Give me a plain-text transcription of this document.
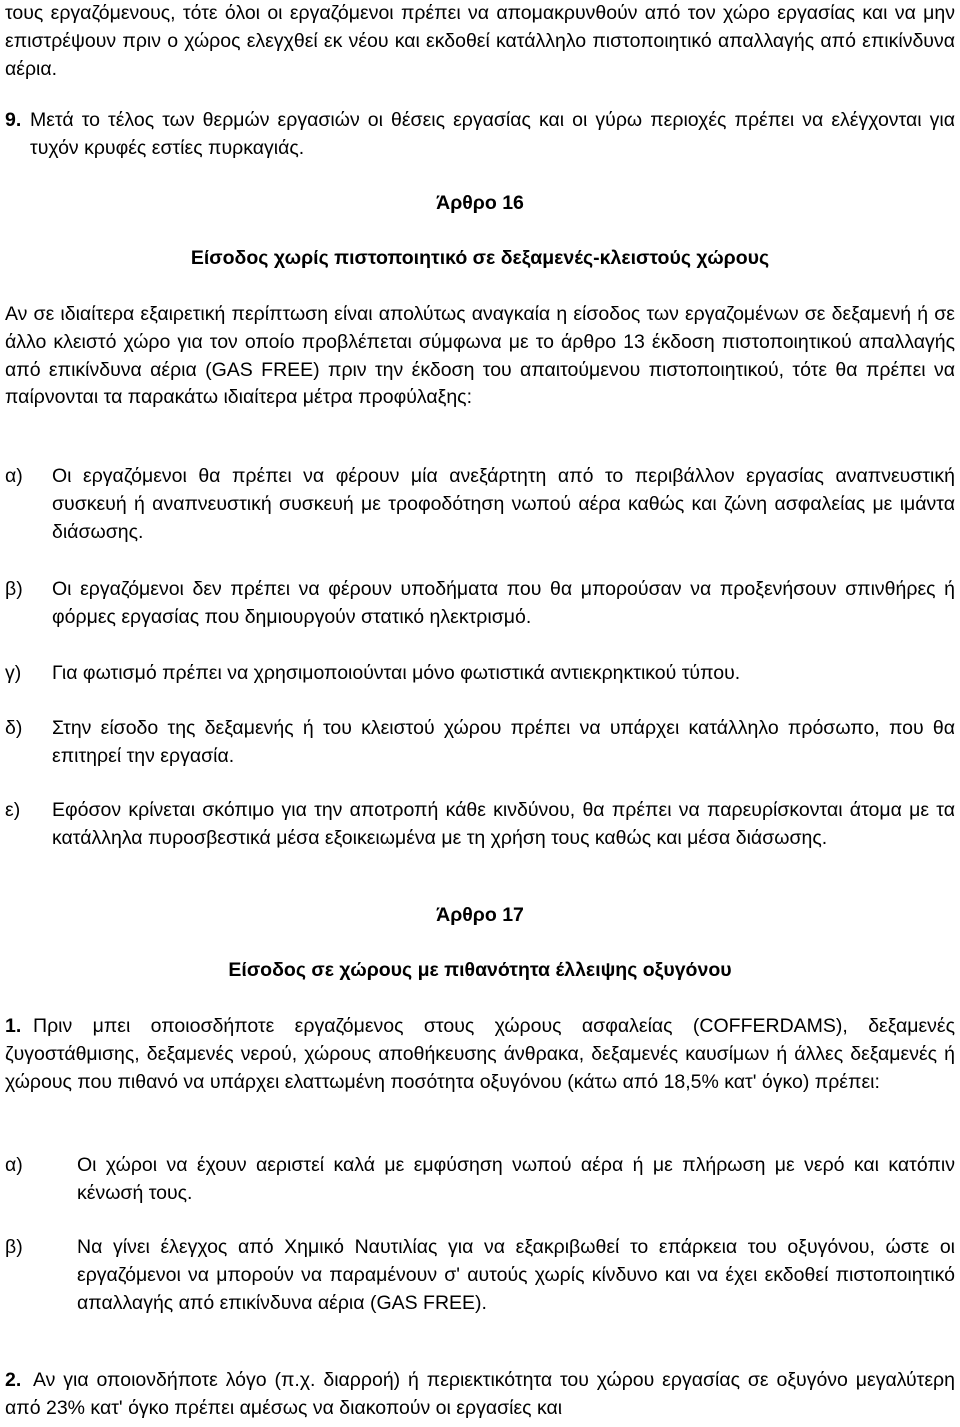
τους εργαζόμενους, τότε όλοι οι εργαζόμενοι πρέπει να απομακρυνθούν από τον χώρο εργασίας και να μην επιστρέψουν πριν ο χώρος ελεγχθεί εκ νέου και εκδοθεί κατάλληλο πιστοποιητικό απαλλαγής από επικίνδυνα αέρια.
9. Μετά το τέλος των θερμών εργασιών οι θέσεις εργασίας και οι γύρω περιοχές πρέπει να ελέγχονται για τυχόν κρυφές εστίες πυρκαγιάς.
Άρθρο 16
Είσοδος χωρίς πιστοποιητικό σε δεξαμενές-κλειστούς χώρους
Αν σε ιδιαίτερα εξαιρετική περίπτωση είναι απολύτως αναγκαία η είσοδος των εργαζομένων σε δεξαμενή ή σε άλλο κλειστό χώρο για τον οποίο προβλέπεται σύμφωνα με το άρθρο 13 έκδοση πιστοποιητικού απαλλαγής από επικίνδυνα αέρια (GAS FREE) πριν την έκδοση του απαιτούμενου πιστοποιητικού, τότε θα πρέπει να παίρνονται τα παρακάτω ιδιαίτερα μέτρα προφύλαξης:
α)	Οι εργαζόμενοι θα πρέπει να φέρουν μία ανεξάρτητη από το περιβάλλον εργασίας αναπνευστική συσκευή ή αναπνευστική συσκευή με τροφοδότηση νωπού αέρα καθώς και ζώνη ασφαλείας με ιμάντα διάσωσης.
β)	Οι εργαζόμενοι δεν πρέπει να φέρουν υποδήματα που θα μπορούσαν να προξενήσουν σπινθήρες ή φόρμες εργασίας που δημιουργούν στατικό ηλεκτρισμό.
γ)	Για φωτισμό πρέπει να χρησιμοποιούνται μόνο φωτιστικά αντιεκρηκτικού τύπου.
δ)	Στην είσοδο της δεξαμενής ή του κλειστού χώρου πρέπει να υπάρχει κατάλληλο πρόσωπο, που θα επιτηρεί την εργασία.
ε)	Εφόσον κρίνεται σκόπιμο για την αποτροπή κάθε κινδύνου, θα πρέπει να παρευρίσκονται άτομα με τα κατάλληλα πυροσβεστικά μέσα εξοικειωμένα με τη χρήση τους καθώς και μέσα διάσωσης.
Άρθρο 17
Είσοδος σε χώρους με πιθανότητα έλλειψης οξυγόνου
1. Πριν μπει οποιοσδήποτε εργαζόμενος στους χώρους ασφαλείας (COFFERDAMS), δεξαμενές ζυγοστάθμισης, δεξαμενές νερού, χώρους αποθήκευσης άνθρακα, δεξαμενές καυσίμων ή άλλες δεξαμενές ή χώρους που πιθανό να υπάρχει ελαττωμένη ποσότητα οξυγόνου (κάτω από 18,5% κατ' όγκο) πρέπει:
α)	Οι χώροι να έχουν αεριστεί καλά με εμφύσηση νωπού αέρα ή με πλήρωση με νερό και κατόπιν κένωσή τους.
β)	Να γίνει έλεγχος από Χημικό Ναυτιλίας για να εξακριβωθεί το επάρκεια του οξυγόνου, ώστε οι εργαζόμενοι να μπορούν να παραμένουν σ' αυτούς χωρίς κίνδυνο και να έχει εκδοθεί πιστοποιητικό απαλλαγής από επικίνδυνα αέρια (GAS FREE).
2. Αν για οποιονδήποτε λόγο (π.χ. διαρροή) ή περιεκτικότητα του χώρου εργασίας σε οξυγόνο μεγαλύτερη από 23% κατ' όγκο πρέπει αμέσως να διακοπούν οι εργασίες και
